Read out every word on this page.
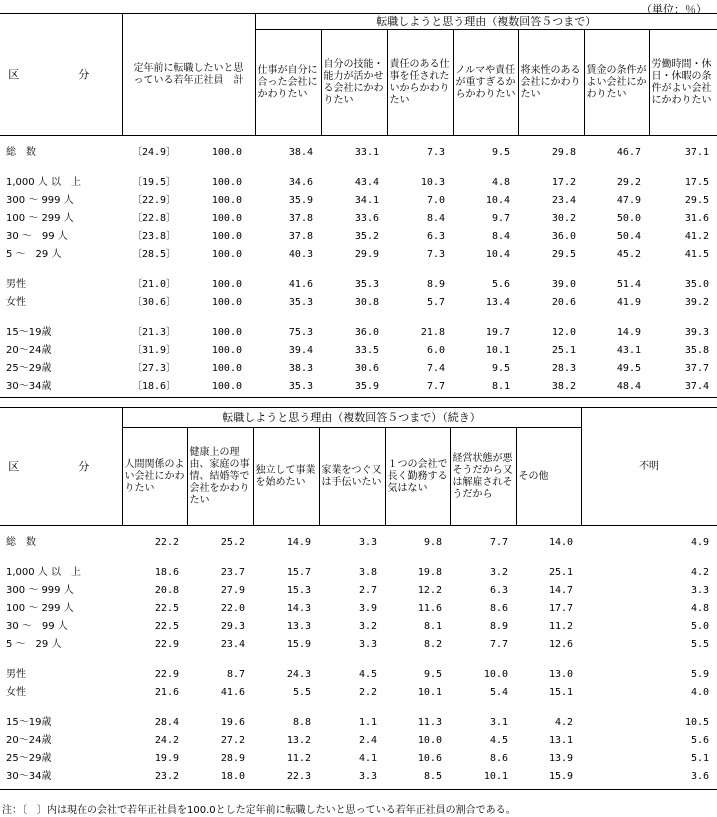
（単位：％）
区　分	定年前に転職したいと思っている若年正社員　計	転職しようと思う理由（複数回答５つまで）						
		仕事が自分に合った会社にかわりたい	自分の技能・能力が活かせる会社にかわりたい	責任のある仕事を任されたいからかわりたい	ノルマや責任が重すぎるからかわりたい	将来性のある会社にかわりたい	賃金の条件がよい会社にかわりたい	労働時間・休日・休暇の条件がよい会社にかわりたい

総　数	〔24.9〕 100.0	38.4	33.1	7.3	9.5	29.8	46.7	37.1

1,000 人 以　上	〔19.5〕 100.0	34.6	43.4	10.3	4.8	17.2	29.2	17.5
300 〜 999 人	〔22.9〕 100.0	35.9	34.1	7.0	10.4	23.4	47.9	29.5
100 〜 299 人	〔22.8〕 100.0	37.8	33.6	8.4	9.7	30.2	50.0	31.6
30 〜　99 人	〔23.8〕 100.0	37.8	35.2	6.3	8.4	36.0	50.4	41.2
5 〜　29 人	〔28.5〕 100.0	40.3	29.9	7.3	10.4	29.5	45.2	41.5

男性	〔21.0〕 100.0	41.6	35.3	8.9	5.6	39.0	51.4	35.0
女性	〔30.6〕 100.0	35.3	30.8	5.7	13.4	20.6	41.9	39.2

15〜19歳	〔21.3〕 100.0	75.3	36.0	21.8	19.7	12.0	14.9	39.3
20〜24歳	〔31.9〕 100.0	39.4	33.5	6.0	10.1	25.1	43.1	35.8
25〜29歳	〔27.3〕 100.0	38.3	30.6	7.4	9.5	28.3	49.5	37.7
30〜34歳	〔18.6〕 100.0	35.3	35.9	7.7	8.1	38.2	48.4	37.4

区　分	転職しようと思う理由（複数回答５つまで）（続き）							不明
	人間関係のよい会社にかわりたい	健康上の理由、家庭の事情、結婚等で会社をかわりたい	独立して事業を始めたい	家業をつぐ又は手伝いたい	１つの会社で長く勤務する気はない	経営状態が悪そうだから又は解雇されそうだから	その他	

総　数	22.2	25.2	14.9	3.3	9.8	7.7	14.0	4.9

1,000 人 以　上	18.6	23.7	15.7	3.8	19.8	3.2	25.1	4.2
300 〜 999 人	20.8	27.9	15.3	2.7	12.2	6.3	14.7	3.3
100 〜 299 人	22.5	22.0	14.3	3.9	11.6	8.6	17.7	4.8
30 〜　99 人	22.5	29.3	13.3	3.2	8.1	8.9	11.2	5.0
5 〜　29 人	22.9	23.4	15.9	3.3	8.2	7.7	12.6	5.5

男性	22.9	8.7	24.3	4.5	9.5	10.0	13.0	5.9
女性	21.6	41.6	5.5	2.2	10.1	5.4	15.1	4.0

15〜19歳	28.4	19.6	8.8	1.1	11.3	3.1	4.2	10.5
20〜24歳	24.2	27.2	13.2	2.4	10.0	4.5	13.1	5.6
25〜29歳	19.9	28.9	11.2	4.1	10.6	8.6	13.9	5.1
30〜34歳	23.2	18.0	22.3	3.3	8.5	10.1	15.9	3.6

注：〔　〕内は現在の会社で若年正社員を100.0とした定年前に転職したいと思っている若年正社員の割合である。
